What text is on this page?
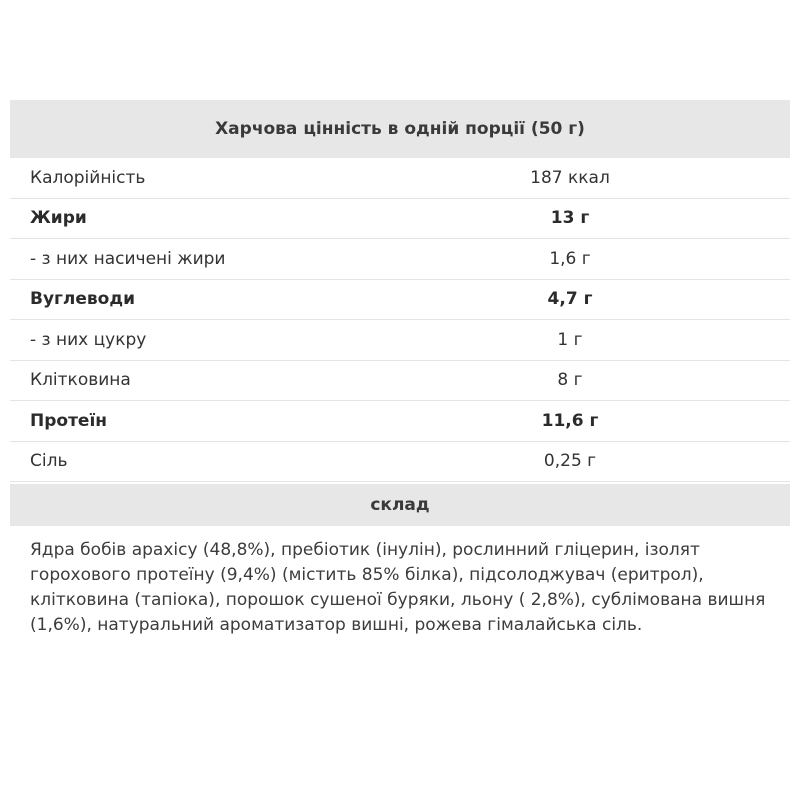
Харчова цінність в одній порції (50 г)
Калорійність	187 ккал
Жири	13 г
- з них насичені жири	1,6 г
Вуглеводи	4,7 г
- з них цукру	1 г
Клітковина	8 г
Протеїн	11,6 г
Сіль	0,25 г
склад
Ядра бобів арахісу (48,8%), пребіотик (інулін), рослинний гліцерин, ізолят горохового протеїну (9,4%) (містить 85% білка), підсолоджувач (еритрол), клітковина (тапіока), порошок сушеної буряки, льону ( 2,8%), сублімована вишня (1,6%), натуральний ароматизатор вишні, рожева гімалайська сіль.
